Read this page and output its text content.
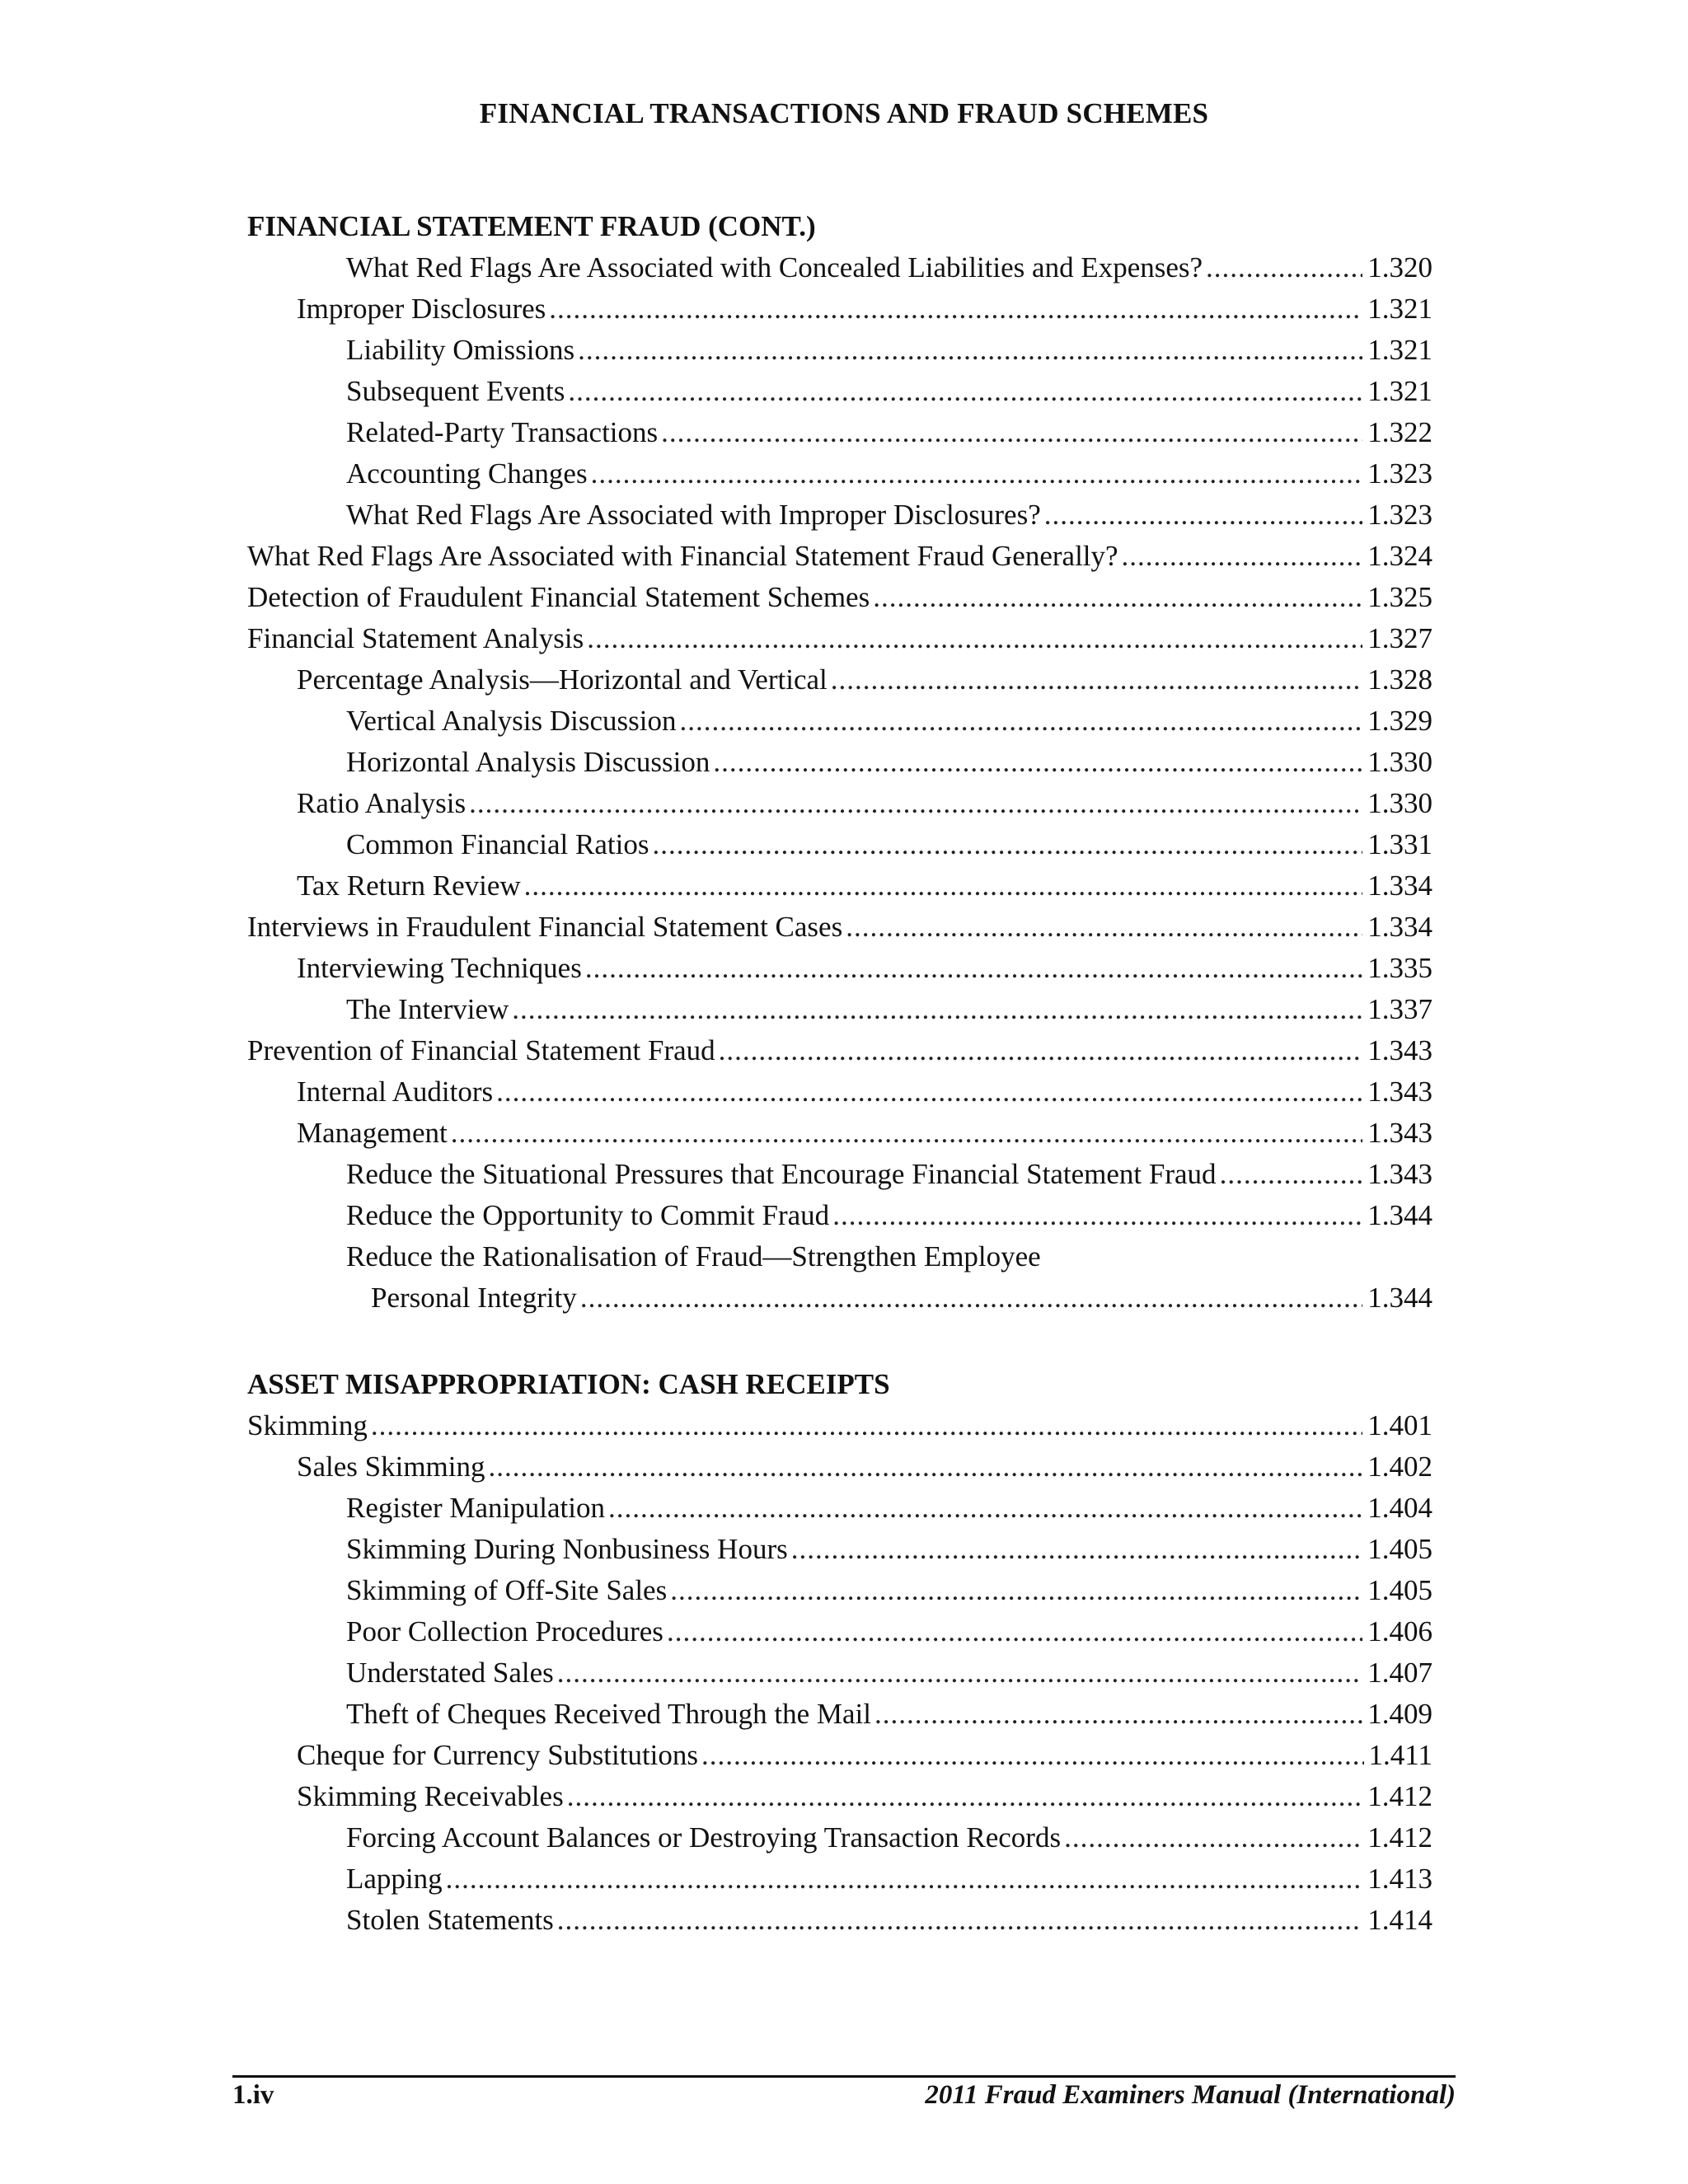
FINANCIAL TRANSACTIONS AND FRAUD SCHEMES
FINANCIAL STATEMENT FRAUD (CONT.)
What Red Flags Are Associated with Concealed Liabilities and Expenses? .....	1.320
Improper Disclosures .....	1.321
Liability Omissions .....	1.321
Subsequent Events .....	1.321
Related-Party Transactions .....	1.322
Accounting Changes .....	1.323
What Red Flags Are Associated with Improper Disclosures? .....	1.323
What Red Flags Are Associated with Financial Statement Fraud Generally? .....	1.324
Detection of Fraudulent Financial Statement Schemes .....	1.325
Financial Statement Analysis .....	1.327
Percentage Analysis—Horizontal and Vertical .....	1.328
Vertical Analysis Discussion .....	1.329
Horizontal Analysis Discussion .....	1.330
Ratio Analysis .....	1.330
Common Financial Ratios .....	1.331
Tax Return Review .....	1.334
Interviews in Fraudulent Financial Statement Cases .....	1.334
Interviewing Techniques .....	1.335
The Interview .....	1.337
Prevention of Financial Statement Fraud .....	1.343
Internal Auditors .....	1.343
Management .....	1.343
Reduce the Situational Pressures that Encourage Financial Statement Fraud .....	1.343
Reduce the Opportunity to Commit Fraud .....	1.344
Reduce the Rationalisation of Fraud—Strengthen Employee
Personal Integrity .....	1.344
ASSET MISAPPROPRIATION: CASH RECEIPTS
Skimming .....	1.401
Sales Skimming .....	1.402
Register Manipulation .....	1.404
Skimming During Nonbusiness Hours .....	1.405
Skimming of Off-Site Sales .....	1.405
Poor Collection Procedures .....	1.406
Understated Sales .....	1.407
Theft of Cheques Received Through the Mail .....	1.409
Cheque for Currency Substitutions .....	1.411
Skimming Receivables .....	1.412
Forcing Account Balances or Destroying Transaction Records .....	1.412
Lapping .....	1.413
Stolen Statements .....	1.414
1.iv	2011 Fraud Examiners Manual (International)
